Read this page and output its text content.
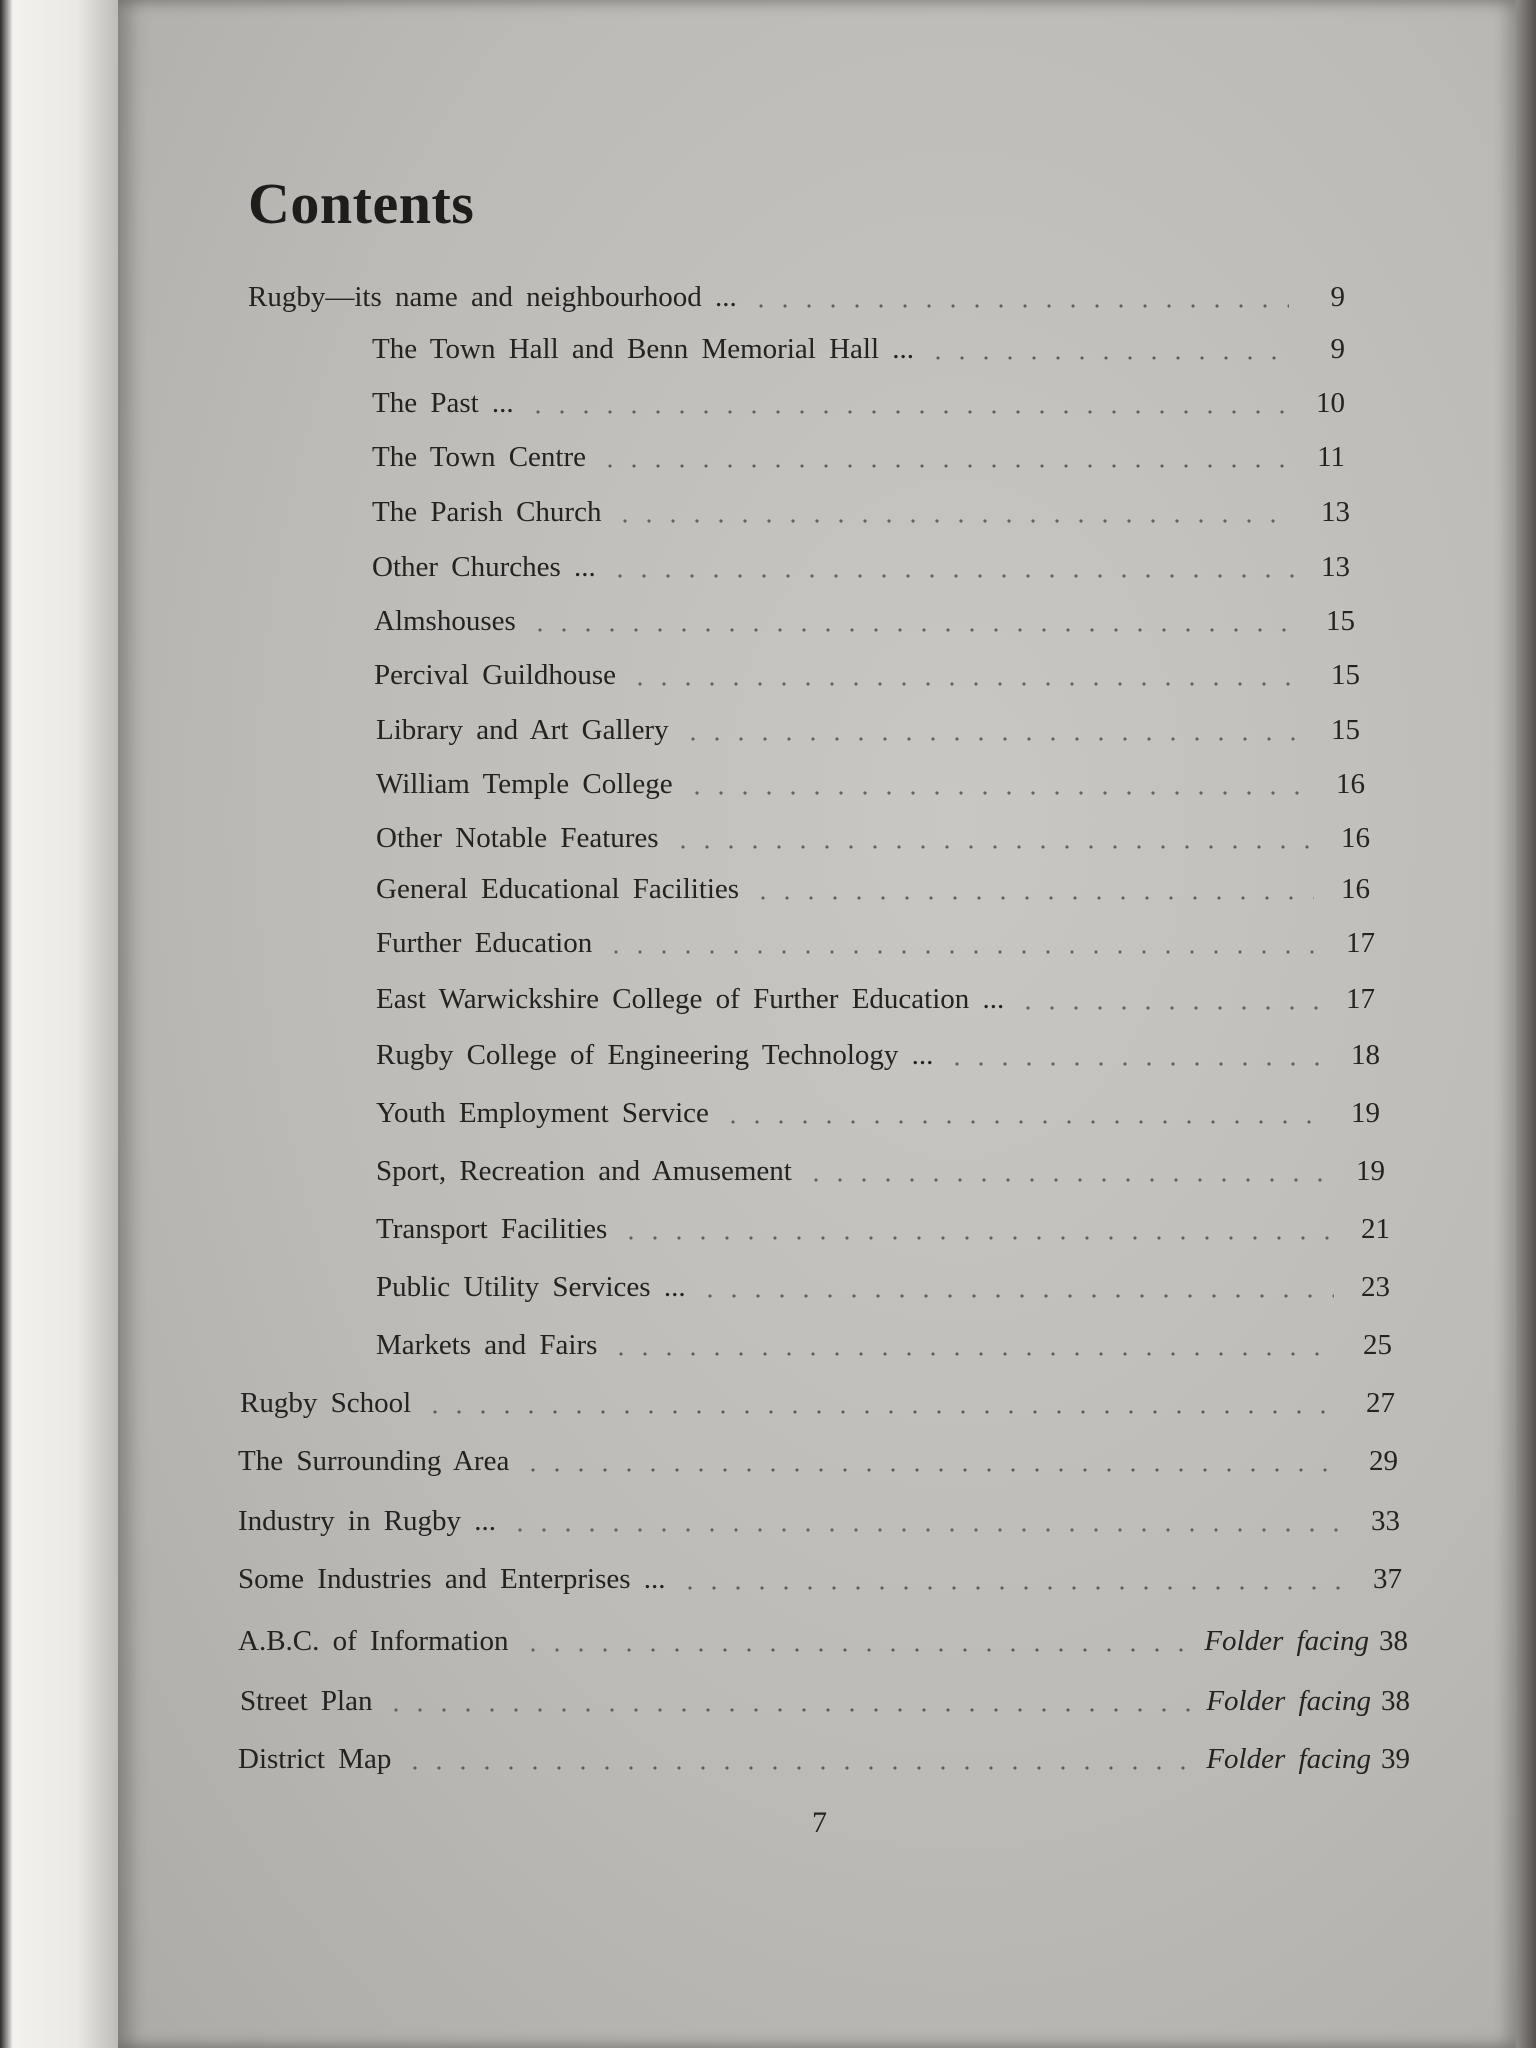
Contents
Rugby—its name and neighbourhood ...	9
The Town Hall and Benn Memorial Hall ...	9
The Past ...	10
The Town Centre	11
The Parish Church	13
Other Churches ...	13
Almshouses	15
Percival Guildhouse	15
Library and Art Gallery	15
William Temple College	16
Other Notable Features	16
General Educational Facilities	16
Further Education	17
East Warwickshire College of Further Education ...	17
Rugby College of Engineering Technology ...	18
Youth Employment Service	19
Sport, Recreation and Amusement	19
Transport Facilities	21
Public Utility Services ...	23
Markets and Fairs	25
Rugby School	27
The Surrounding Area	29
Industry in Rugby ...	33
Some Industries and Enterprises ...	37
A.B.C. of Information	Folder facing 38
Street Plan	Folder facing 38
District Map	Folder facing 39
7
